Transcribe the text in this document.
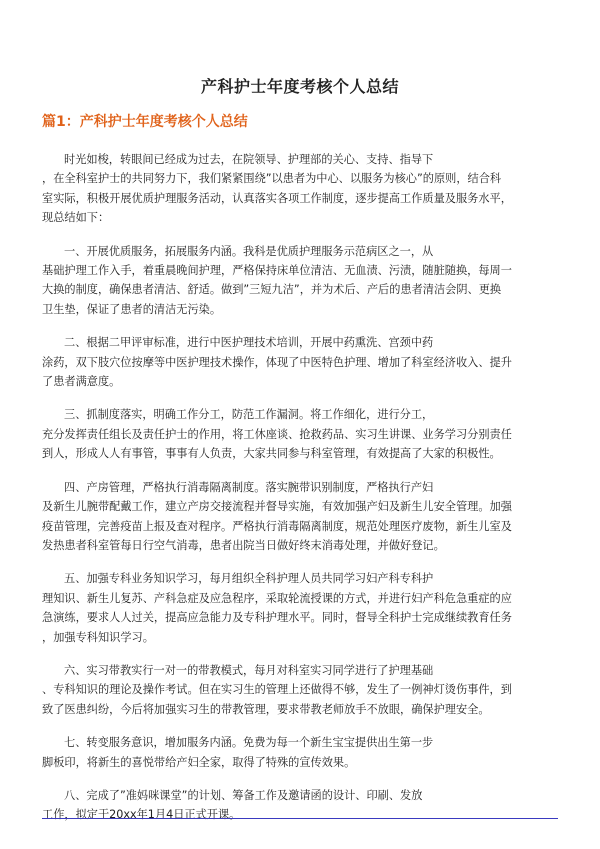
产科护士年度考核个人总结
篇1：产科护士年度考核个人总结
时光如梭，转眼间已经成为过去，在院领导、护理部的关心、支持、指导下
，在全科室护士的共同努力下，我们紧紧围绕”以患者为中心、以服务为核心”的原则，结合科
室实际，积极开展优质护理服务活动，认真落实各项工作制度，逐步提高工作质量及服务水平，
现总结如下：
一、开展优质服务，拓展服务内涵。我科是优质护理服务示范病区之一，从
基础护理工作入手，着重晨晚间护理，严格保持床单位清洁、无血渍、污渍，随脏随换，每周一
大换的制度，确保患者清洁、舒适。做到”三短九洁”，并为术后、产后的患者清洁会阴、更换
卫生垫，保证了患者的清洁无污染。
二、根据二甲评审标准，进行中医护理技术培训，开展中药熏洗、宫颈中药
涂药，双下肢穴位按摩等中医护理技术操作，体现了中医特色护理、增加了科室经济收入、提升
了患者满意度。
三、抓制度落实，明确工作分工，防范工作漏洞。将工作细化，进行分工，
充分发挥责任组长及责任护士的作用，将工休座谈、抢救药品、实习生讲课、业务学习分别责任
到人，形成人人有事管，事事有人负责，大家共同参与科室管理，有效提高了大家的积极性。
四、产房管理，严格执行消毒隔离制度。落实腕带识别制度，严格执行产妇
及新生儿腕带配戴工作，建立产房交接流程并督导实施，有效加强产妇及新生儿安全管理。加强
疫苗管理，完善疫苗上报及查对程序。严格执行消毒隔离制度，规范处理医疗废物，新生儿室及
发热患者科室管每日行空气消毒，患者出院当日做好终末消毒处理，并做好登记。
五、加强专科业务知识学习，每月组织全科护理人员共同学习妇产科专科护
理知识、新生儿复苏、产科急症及应急程序，采取轮流授课的方式，并进行妇产科危急重症的应
急演练，要求人人过关，提高应急能力及专科护理水平。同时，督导全科护士完成继续教育任务
，加强专科知识学习。
六、实习带教实行一对一的带教模式，每月对科室实习同学进行了护理基础
、专科知识的理论及操作考试。但在实习生的管理上还做得不够，发生了一例神灯烫伤事件，到
致了医患纠纷，今后将加强实习生的带教管理，要求带教老师放手不放眼，确保护理安全。
七、转变服务意识，增加服务内涵。免费为每一个新生宝宝提供出生第一步
脚板印，将新生的喜悦带给产妇全家，取得了特殊的宣传效果。
八、完成了”准妈咪课堂”的计划、筹备工作及邀请函的设计、印刷、发放
工作，拟定于20xx年1月4日正式开课。
